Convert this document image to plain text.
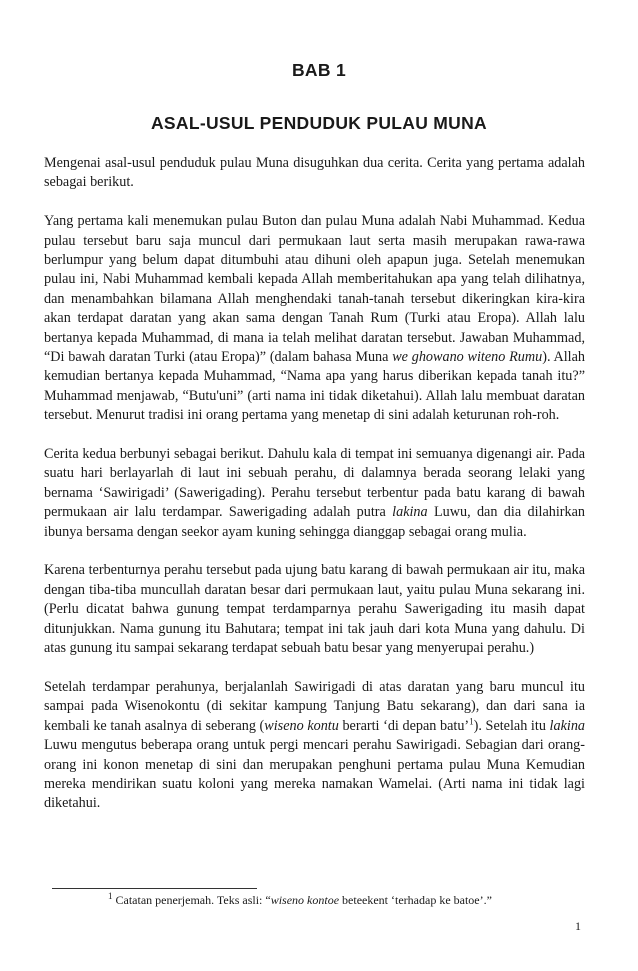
BAB 1
ASAL-USUL PENDUDUK PULAU MUNA

Mengenai asal-usul penduduk pulau Muna disuguhkan dua cerita. Cerita yang pertama adalah sebagai berikut.

Yang pertama kali menemukan pulau Buton dan pulau Muna adalah Nabi Muhammad. Kedua pulau tersebut baru saja muncul dari permukaan laut serta masih merupakan rawa-rawa berlumpur yang belum dapat ditumbuhi atau dihuni oleh apapun juga. Setelah menemukan pulau ini, Nabi Muhammad kembali kepada Allah memberitahukan apa yang telah dilihatnya, dan menambahkan bilamana Allah menghendaki tanah-tanah tersebut dikeringkan kira-kira akan terdapat daratan yang akan sama dengan Tanah Rum (Turki atau Eropa). Allah lalu bertanya kepada Muhammad, di mana ia telah melihat daratan tersebut. Jawaban Muhammad, “Di bawah daratan Turki (atau Eropa)” (dalam bahasa Muna we ghowano witeno Rumu). Allah kemudian bertanya kepada Muhammad, “Nama apa yang harus diberikan kepada tanah itu?” Muhammad menjawab, “Butu'uni” (arti nama ini tidak diketahui). Allah lalu membuat daratan tersebut. Menurut tradisi ini orang pertama yang menetap di sini adalah keturunan roh-roh.

Cerita kedua berbunyi sebagai berikut. Dahulu kala di tempat ini semuanya digenangi air. Pada suatu hari berlayarlah di laut ini sebuah perahu, di dalamnya berada seorang lelaki yang bernama ‘Sawirigadi’ (Sawerigading). Perahu tersebut terbentur pada batu karang di bawah permukaan air lalu terdampar. Sawerigading adalah putra lakina Luwu, dan dia dilahirkan ibunya bersama dengan seekor ayam kuning sehingga dianggap sebagai orang mulia.

Karena terbenturnya perahu tersebut pada ujung batu karang di bawah permukaan air itu, maka dengan tiba-tiba muncullah daratan besar dari permukaan laut, yaitu pulau Muna sekarang ini. (Perlu dicatat bahwa gunung tempat terdamparnya perahu Sawerigading itu masih dapat ditunjukkan. Nama gunung itu Bahutara; tempat ini tak jauh dari kota Muna yang dahulu. Di atas gunung itu sampai sekarang terdapat sebuah batu besar yang menyerupai perahu.)

Setelah terdampar perahunya, berjalanlah Sawirigadi di atas daratan yang baru muncul itu sampai pada Wisenokontu (di sekitar kampung Tanjung Batu sekarang), dan dari sana ia kembali ke tanah asalnya di seberang (wiseno kontu berarti ‘di depan batu’$^1$). Setelah itu lakina Luwu mengutus beberapa orang untuk pergi mencari perahu Sawirigadi. Sebagian dari orang-orang ini konon menetap di sini dan merupakan penghuni pertama pulau Muna Kemudian mereka mendirikan suatu koloni yang mereka namakan Wamelai. (Arti nama ini tidak lagi diketahui.

$^1$ Catatan penerjemah. Teks asli: “wiseno kontoe beteekent ‘terhadap ke batoe’.”
1
